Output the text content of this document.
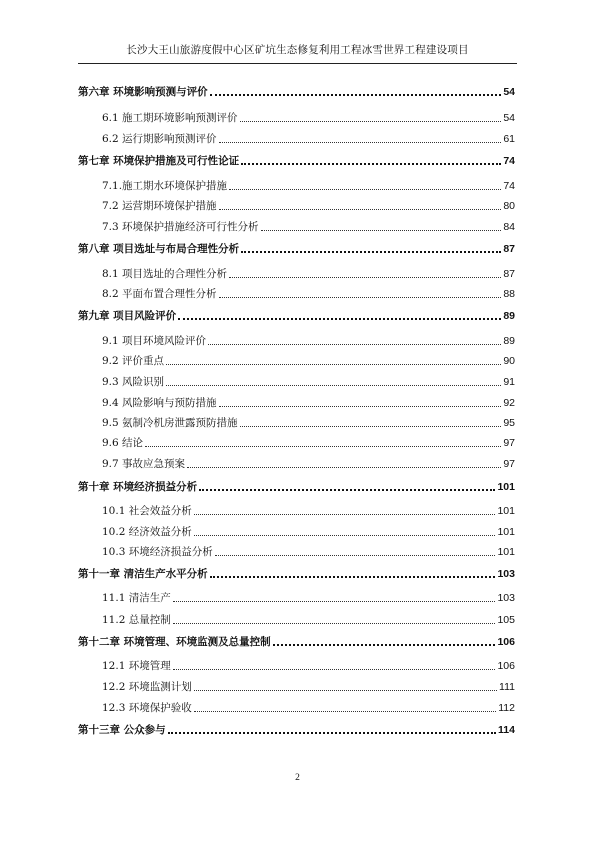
长沙大王山旅游度假中心区矿坑生态修复利用工程冰雪世界工程建设项目
第六章 环境影响预测与评价	54
6.1 施工期环境影响预测评价	54
6.2 运行期影响预测评价	61
第七章 环境保护措施及可行性论证	74
7.1.施工期水环境保护措施	74
7.2 运营期环境保护措施	80
7.3 环境保护措施经济可行性分析	84
第八章 项目选址与布局合理性分析	87
8.1 项目选址的合理性分析	87
8.2 平面布置合理性分析	88
第九章 项目风险评价	89
9.1 项目环境风险评价	89
9.2 评价重点	90
9.3 风险识别	91
9.4 风险影响与预防措施	92
9.5 氨制冷机房泄露预防措施	95
9.6 结论	97
9.7 事故应急预案	97
第十章 环境经济损益分析	101
10.1 社会效益分析	101
10.2 经济效益分析	101
10.3 环境经济损益分析	101
第十一章 清洁生产水平分析	103
11.1 清洁生产	103
11.2 总量控制	105
第十二章 环境管理、环境监测及总量控制	106
12.1 环境管理	106
12.2 环境监测计划	111
12.3 环境保护验收	112
第十三章 公众参与	114
2
